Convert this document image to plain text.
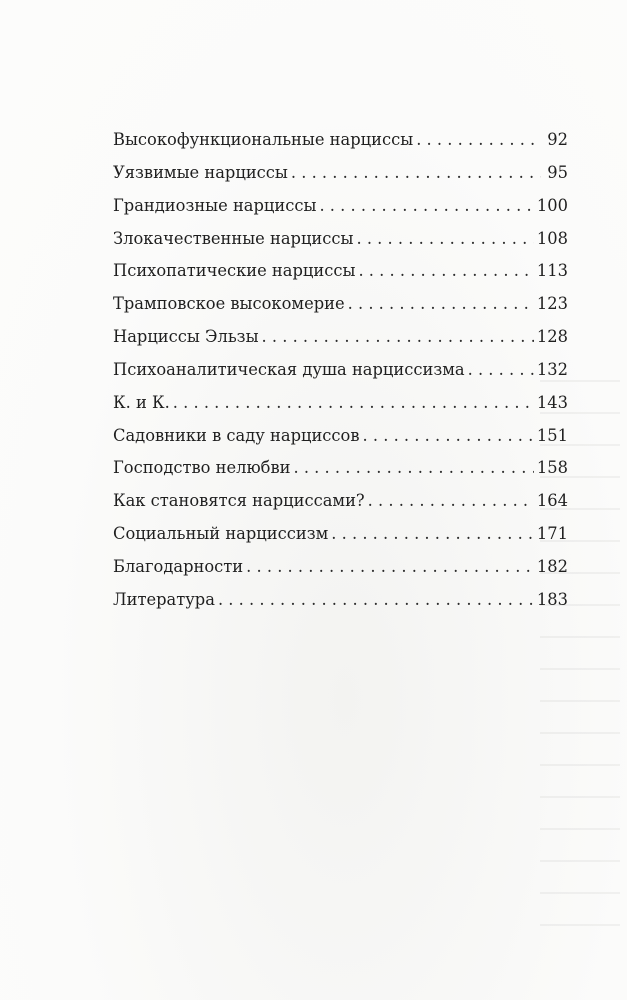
Высокофункциональные нарциссы . . .	92
Уязвимые нарциссы . . .	95
Грандиозные нарциссы . . .	100
Злокачественные нарциссы . . .	108
Психопатические нарциссы . . .	113
Трамповское высокомерие . . .	123
Нарциссы Эльзы . . .	128
Психоаналитическая душа нарциссизма . . .	132
К. и К. . . .	143
Садовники в саду нарциссов . . .	151
Господство нелюбви . . .	158
Как становятся нарциссами? . . .	164
Социальный нарциссизм . . .	171
Благодарности . . .	182
Литература . . .	183
